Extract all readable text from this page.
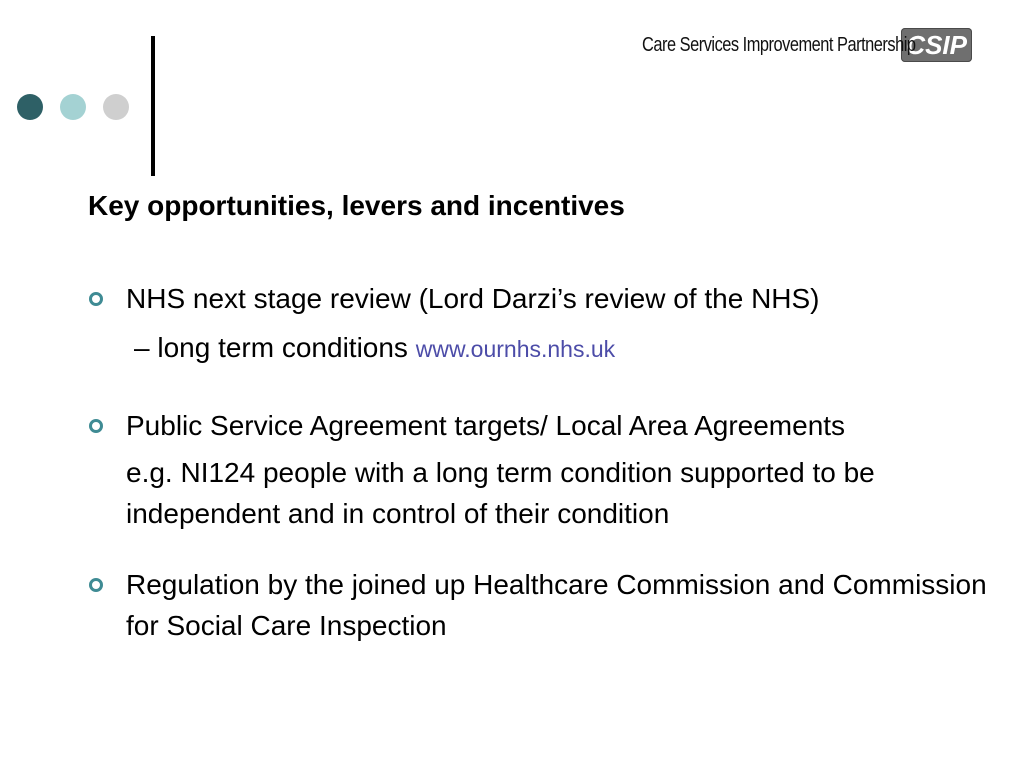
Care Services Improvement Partnership
CSIP
Key opportunities, levers and incentives
NHS next stage review (Lord Darzi’s review of the NHS)
– long term conditions www.ournhs.nhs.uk
Public Service Agreement targets/ Local Area Agreements
e.g. NI124 people with a long term condition supported to be independent and in control of their condition
Regulation by the joined up Healthcare Commission and Commission for Social Care Inspection
